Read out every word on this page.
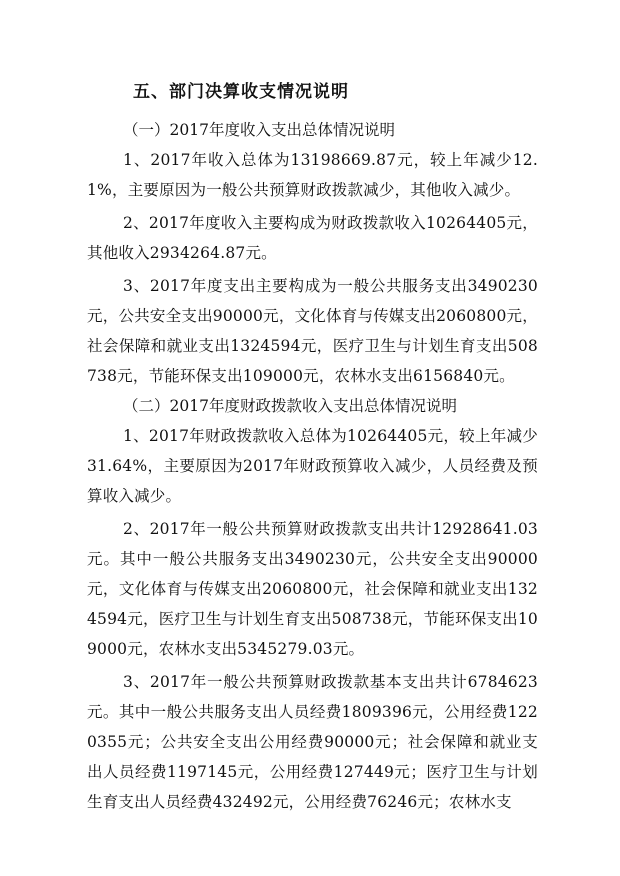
五、部门决算收支情况说明

（一）2017年度收入支出总体情况说明

1、2017年收入总体为13198669.87元，较上年减少12.1%，主要原因为一般公共预算财政拨款减少，其他收入减少。

2、2017年度收入主要构成为财政拨款收入10264405元，其他收入2934264.87元。

3、2017年度支出主要构成为一般公共服务支出3490230元，公共安全支出90000元，文化体育与传媒支出2060800元，社会保障和就业支出1324594元，医疗卫生与计划生育支出508738元，节能环保支出109000元，农林水支出6156840元。

（二）2017年度财政拨款收入支出总体情况说明

1、2017年财政拨款收入总体为10264405元，较上年减少31.64%，主要原因为2017年财政预算收入减少，人员经费及预算收入减少。

2、2017年一般公共预算财政拨款支出共计12928641.03元。其中一般公共服务支出3490230元，公共安全支出90000元，文化体育与传媒支出2060800元，社会保障和就业支出1324594元，医疗卫生与计划生育支出508738元，节能环保支出109000元，农林水支出5345279.03元。

3、2017年一般公共预算财政拨款基本支出共计6784623元。其中一般公共服务支出人员经费1809396元，公用经费1220355元；公共安全支出公用经费90000元；社会保障和就业支出人员经费1197145元，公用经费127449元；医疗卫生与计划生育支出人员经费432492元，公用经费76246元；农林水支
